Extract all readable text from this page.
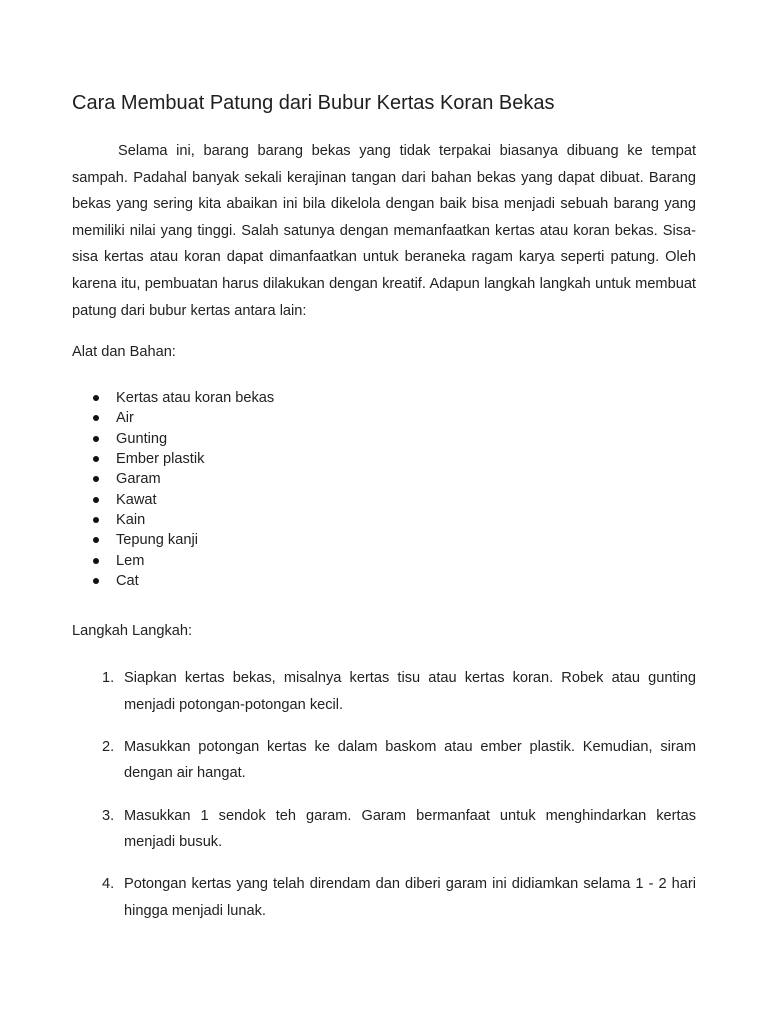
Cara Membuat Patung dari Bubur Kertas Koran Bekas

Selama ini, barang barang bekas yang tidak terpakai biasanya dibuang ke tempat sampah. Padahal banyak sekali kerajinan tangan dari bahan bekas yang dapat dibuat. Barang bekas yang sering kita abaikan ini bila dikelola dengan baik bisa menjadi sebuah barang yang memiliki nilai yang tinggi. Salah satunya dengan memanfaatkan kertas atau koran bekas. Sisa-sisa kertas atau koran dapat dimanfaatkan untuk beraneka ragam karya seperti patung. Oleh karena itu, pembuatan harus dilakukan dengan kreatif. Adapun langkah langkah untuk membuat patung dari bubur kertas antara lain:

Alat dan Bahan:

Kertas atau koran bekas
Air
Gunting
Ember plastik
Garam
Kawat
Kain
Tepung kanji
Lem
Cat

Langkah Langkah:

1. Siapkan kertas bekas, misalnya kertas tisu atau kertas koran. Robek atau gunting menjadi potongan-potongan kecil.
2. Masukkan potongan kertas ke dalam baskom atau ember plastik. Kemudian, siram dengan air hangat.
3. Masukkan 1 sendok teh garam. Garam bermanfaat untuk menghindarkan kertas menjadi busuk.
4. Potongan kertas yang telah direndam dan diberi garam ini didiamkan selama 1 - 2 hari hingga menjadi lunak.
